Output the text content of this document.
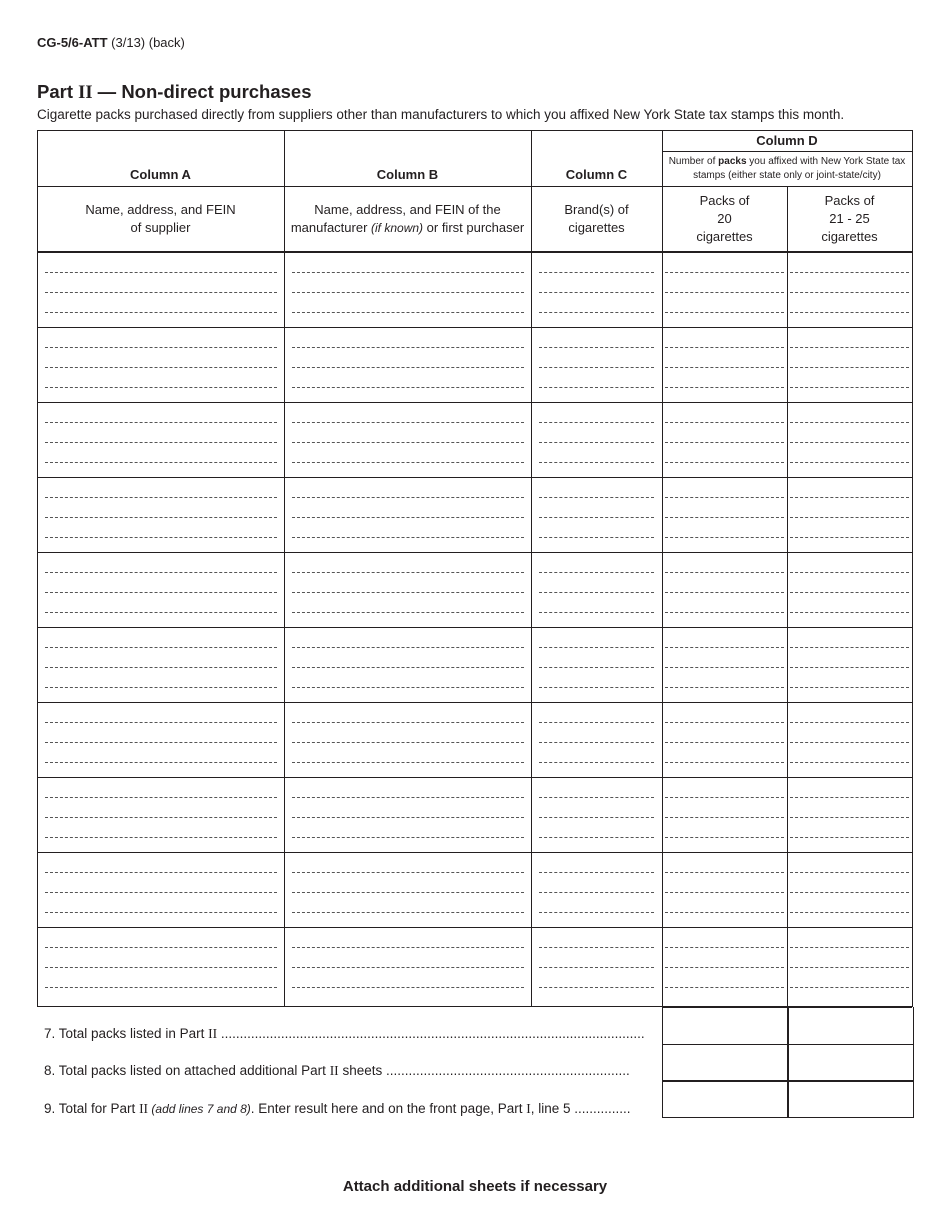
CG-5/6-ATT (3/13) (back)
Part II — Non-direct purchases
Cigarette packs purchased directly from suppliers other than manufacturers to which you affixed New York State tax stamps this month.
Column A	Column B	Column C
Column D
Number of packs you affixed with New York State tax stamps (either state only or joint-state/city)
Name, address, and FEIN
of supplier
Name, address, and FEIN of the
manufacturer (if known) or first purchaser
Brand(s) of
cigarettes
Packs of
20
cigarettes
Packs of
21 - 25
cigarettes
7. Total packs listed in Part II .................................................................................................................
8. Total packs listed on attached additional Part II sheets .................................................................
9. Total for Part II (add lines 7 and 8). Enter result here and on the front page, Part I, line 5 ...............
Attach additional sheets if necessary
